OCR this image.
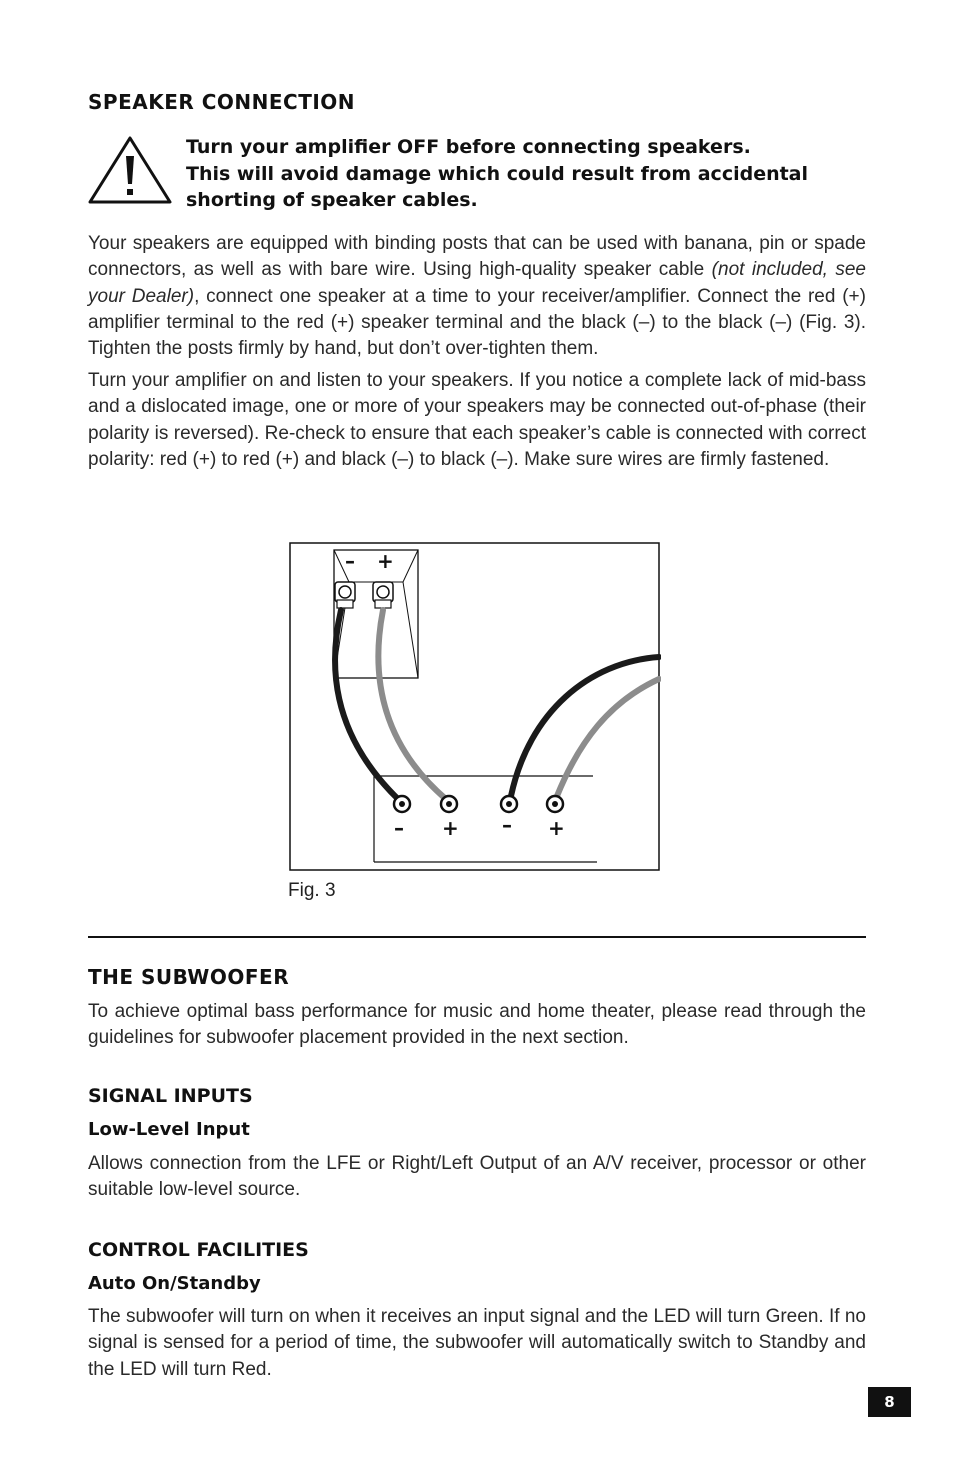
SPEAKER CONNECTION
Turn your amplifier OFF before connecting speakers.
This will avoid damage which could result from accidental
shorting of speaker cables.

Your speakers are equipped with binding posts that can be used with banana, pin or spade connectors, as well as with bare wire. Using high-quality speaker cable (not included, see your Dealer), connect one speaker at a time to your receiver/amplifier. Connect the red (+) amplifier terminal to the red (+) speaker terminal and the black (–) to the black (–) (Fig. 3). Tighten the posts firmly by hand, but don’t over-tighten them.

Turn your amplifier on and listen to your speakers. If you notice a complete lack of mid-bass and a dislocated image, one or more of your speakers may be connected out-of-phase (their polarity is reversed). Re-check to ensure that each speaker’s cable is connected with correct polarity: red (+) to red (+) and black (–) to black (–). Make sure wires are firmly fastened.

– +
– + – +
Fig. 3
THE SUBWOOFER

To achieve optimal bass performance for music and home theater, please read through the guidelines for subwoofer placement provided in the next section.

SIGNAL INPUTS
Low-Level Input

Allows connection from the LFE or Right/Left Output of an A/V receiver, processor or other suitable low-level source.

CONTROL FACILITIES
Auto On/Standby

The subwoofer will turn on when it receives an input signal and the LED will turn Green. If no signal is sensed for a period of time, the subwoofer will automatically switch to Standby and the LED will turn Red.

8
